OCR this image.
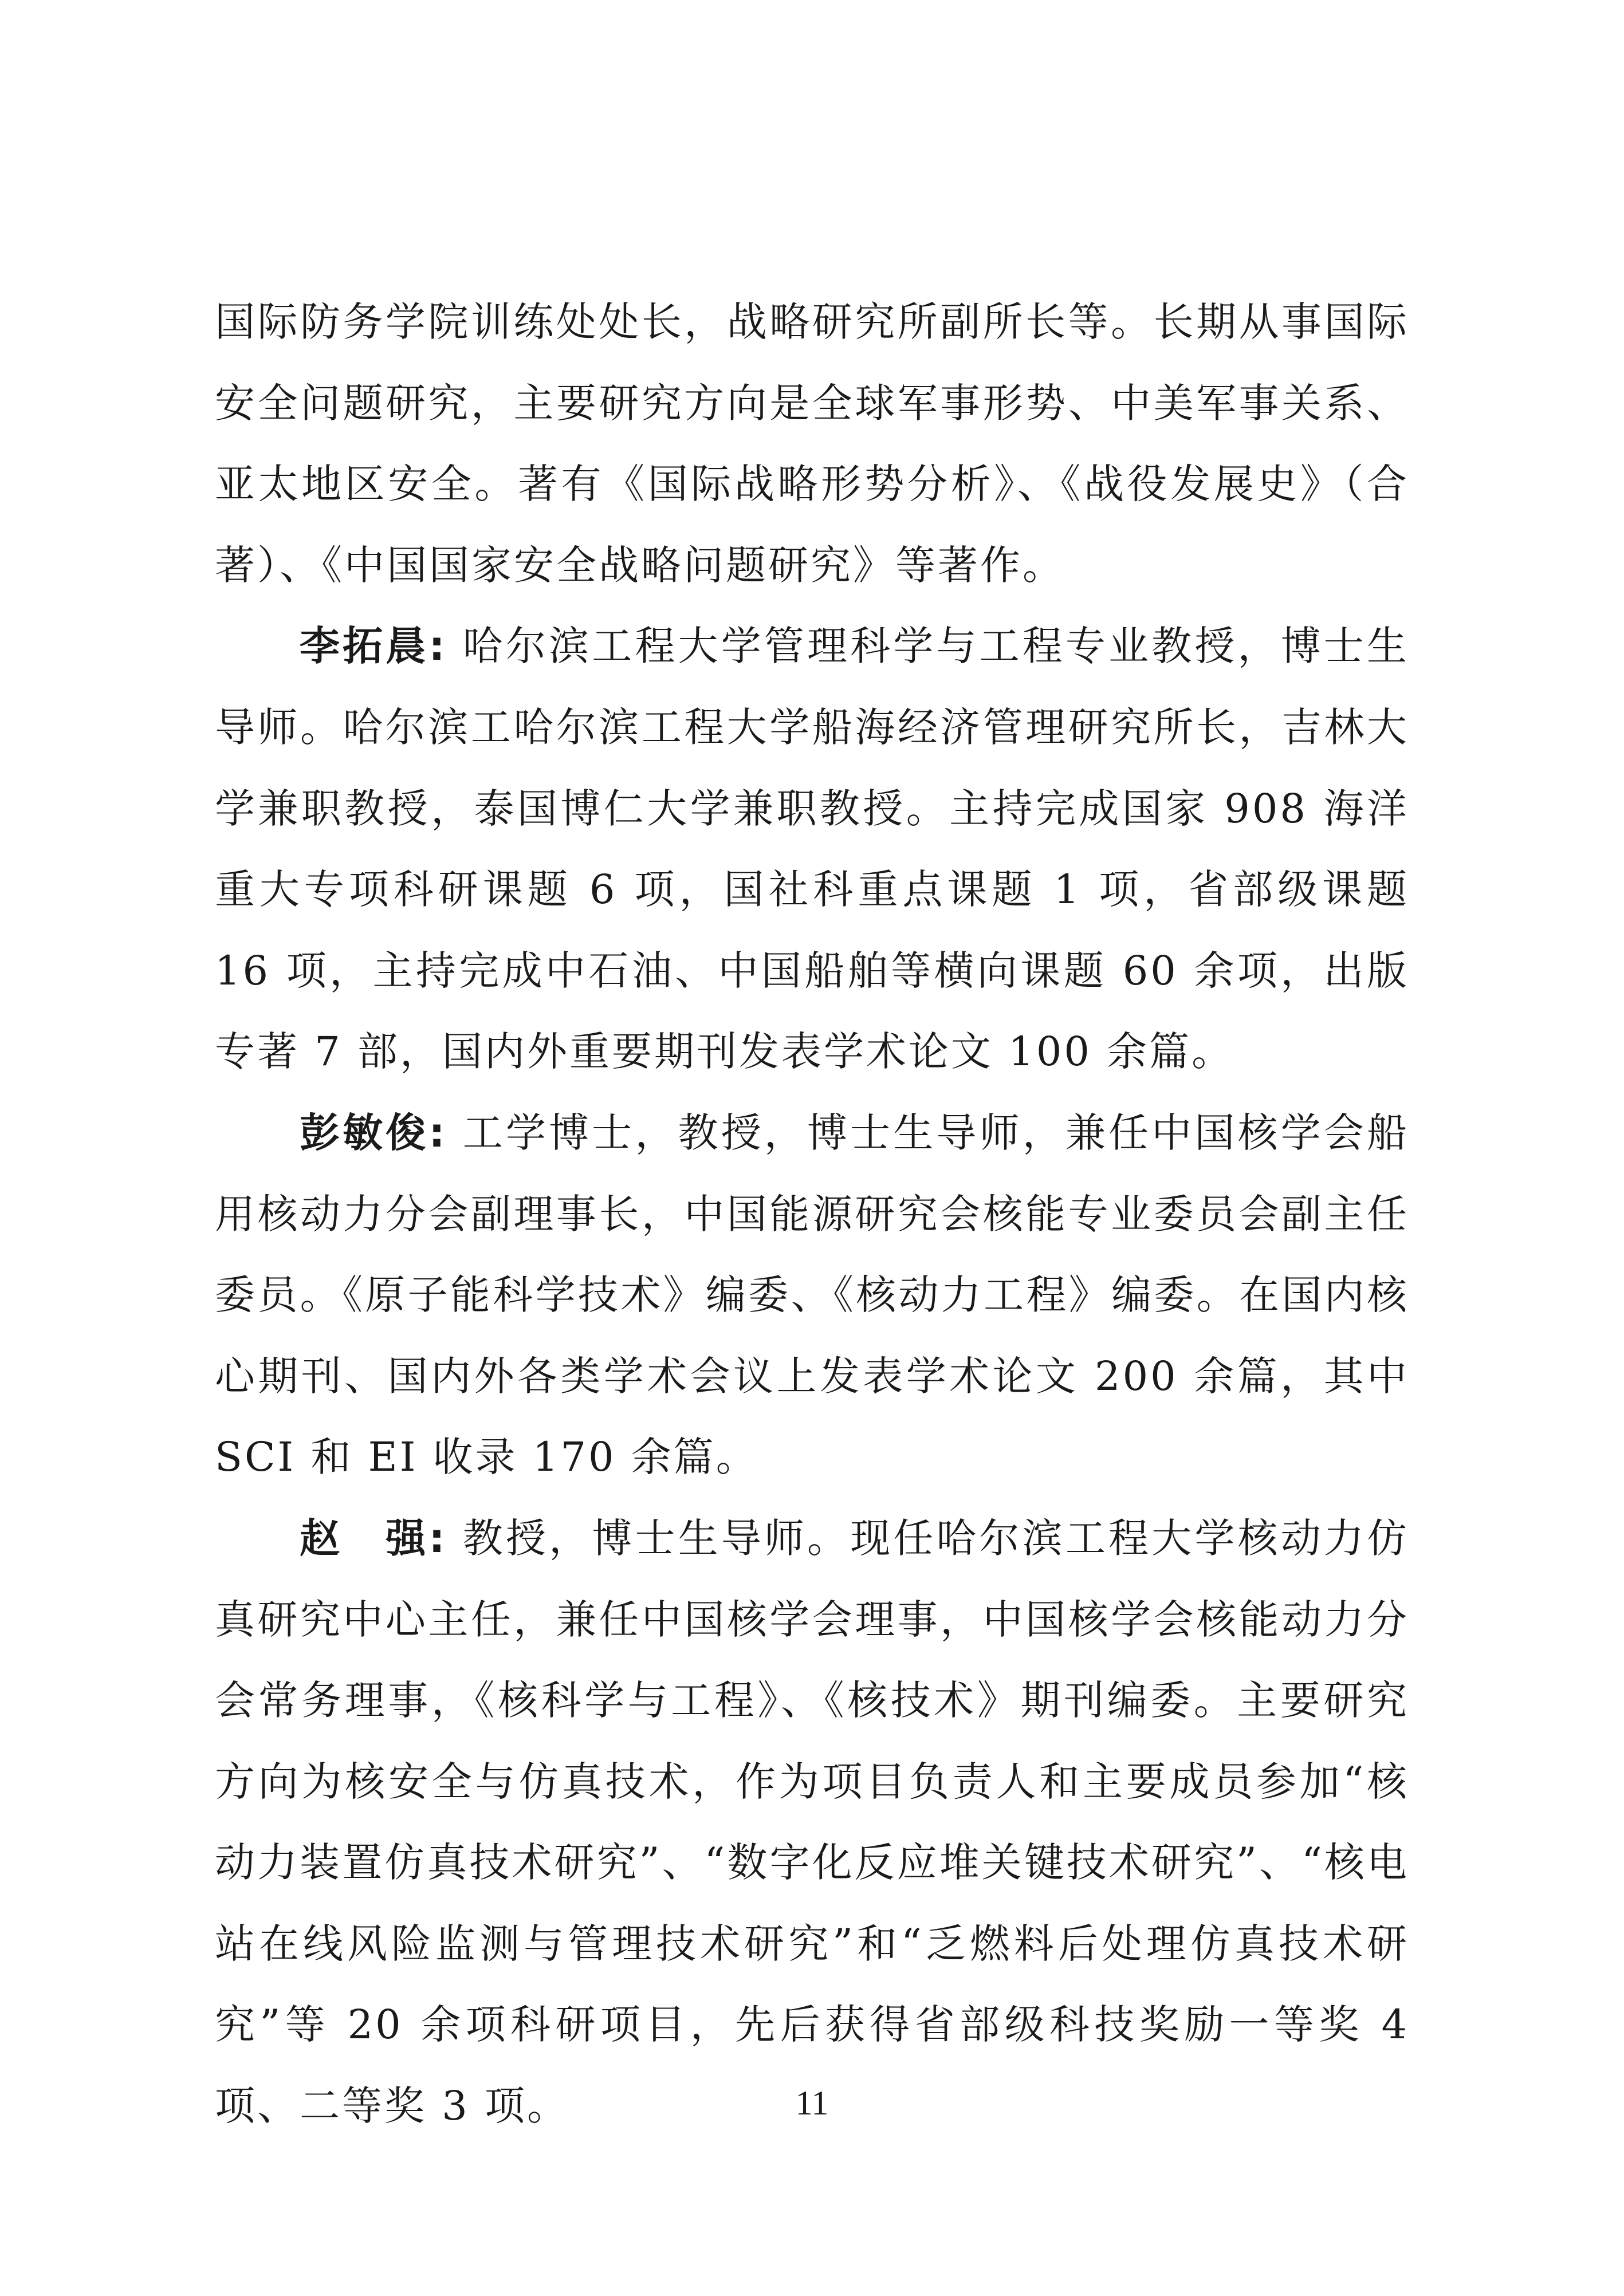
国际防务学院训练处处长，战略研究所副所长等。长期从事国际安全问题研究，主要研究方向是全球军事形势、中美军事关系、亚太地区安全。著有《国际战略形势分析》、《战役发展史》（合著）、《中国国家安全战略问题研究》等著作。

李拓晨: 哈尔滨工程大学管理科学与工程专业教授，博士生导师。哈尔滨工哈尔滨工程大学船海经济管理研究所长，吉林大学兼职教授，泰国博仁大学兼职教授。主持完成国家 908 海洋重大专项科研课题 6 项，国社科重点课题 1 项，省部级课题 16 项，主持完成中石油、中国船舶等横向课题 60 余项，出版专著 7 部，国内外重要期刊发表学术论文 100 余篇。

彭敏俊: 工学博士，教授，博士生导师，兼任中国核学会船用核动力分会副理事长，中国能源研究会核能专业委员会副主任委员。《原子能科学技术》编委、《核动力工程》编委。在国内核心期刊、国内外各类学术会议上发表学术论文 200 余篇，其中 SCI 和 EI 收录 170 余篇。

赵　强: 教授，博士生导师。现任哈尔滨工程大学核动力仿真研究中心主任，兼任中国核学会理事，中国核学会核能动力分会常务理事，《核科学与工程》、《核技术》期刊编委。主要研究方向为核安全与仿真技术，作为项目负责人和主要成员参加“核动力装置仿真技术研究”、“数字化反应堆关键技术研究”、“核电站在线风险监测与管理技术研究”和“乏燃料后处理仿真技术研究”等 20 余项科研项目，先后获得省部级科技奖励一等奖 4 项、二等奖 3 项。	11
